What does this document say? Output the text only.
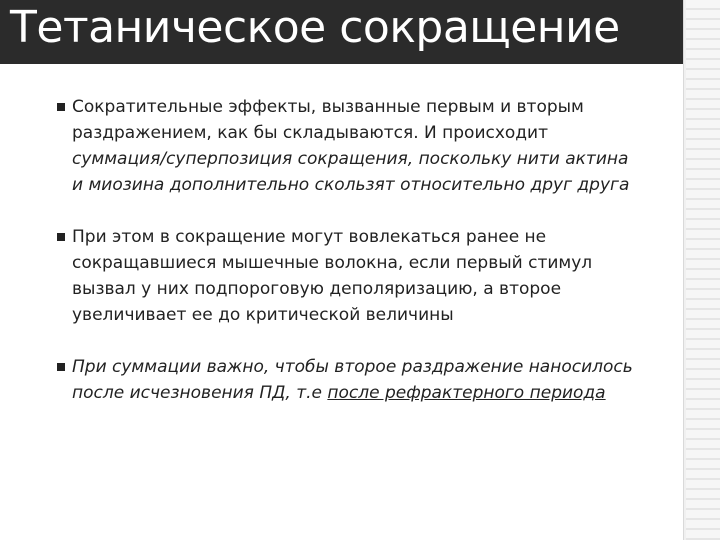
Тетаническое сокращение
Сократительные эффекты, вызванные первым и вторым раздражением, как бы складываются. И происходит суммация/суперпозиция сокращения, поскольку нити актина и миозина дополнительно скользят относительно друг друга
При этом в сокращение могут вовлекаться ранее не сокращавшиеся мышечные волокна, если первый стимул вызвал у них подпороговую деполяризацию, а второе увеличивает ее до критической величины
При суммации важно, чтобы второе раздражение наносилось после исчезновения ПД, т.е после рефрактерного периода
